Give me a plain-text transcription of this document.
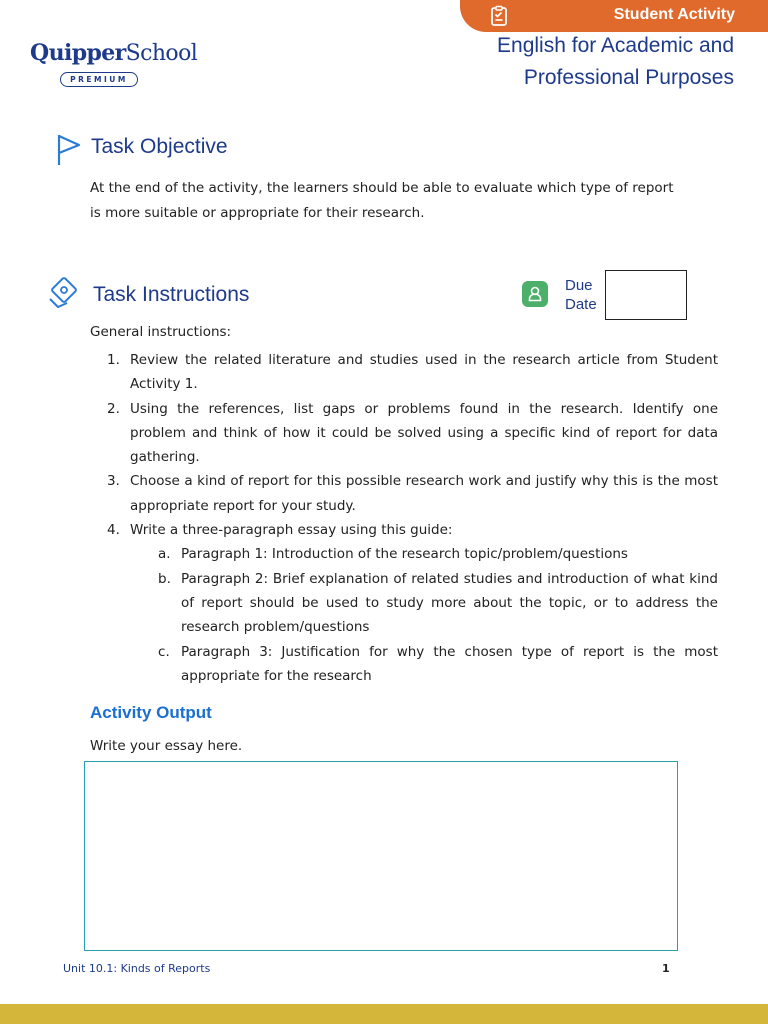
Student Activity
English for Academic and
Professional Purposes
QuipperSchool
PREMIUM
Task Objective
At the end of the activity, the learners should be able to evaluate which type of report is more suitable or appropriate for their research.
Task Instructions	Due
Date
General instructions:
Review the related literature and studies used in the research article from Student Activity 1.
Using the references, list gaps or problems found in the research. Identify one problem and think of how it could be solved using a specific kind of report for data gathering.
Choose a kind of report for this possible research work and justify why this is the most appropriate report for your study.
Write a three-paragraph essay using this guide:
Paragraph 1: Introduction of the research topic/problem/questions
Paragraph 2: Brief explanation of related studies and introduction of what kind of report should be used to study more about the topic, or to address the research problem/questions
Paragraph 3: Justification for why the chosen type of report is the most appropriate for the research
Activity Output
Write your essay here.
Unit 10.1: Kinds of Reports	1
